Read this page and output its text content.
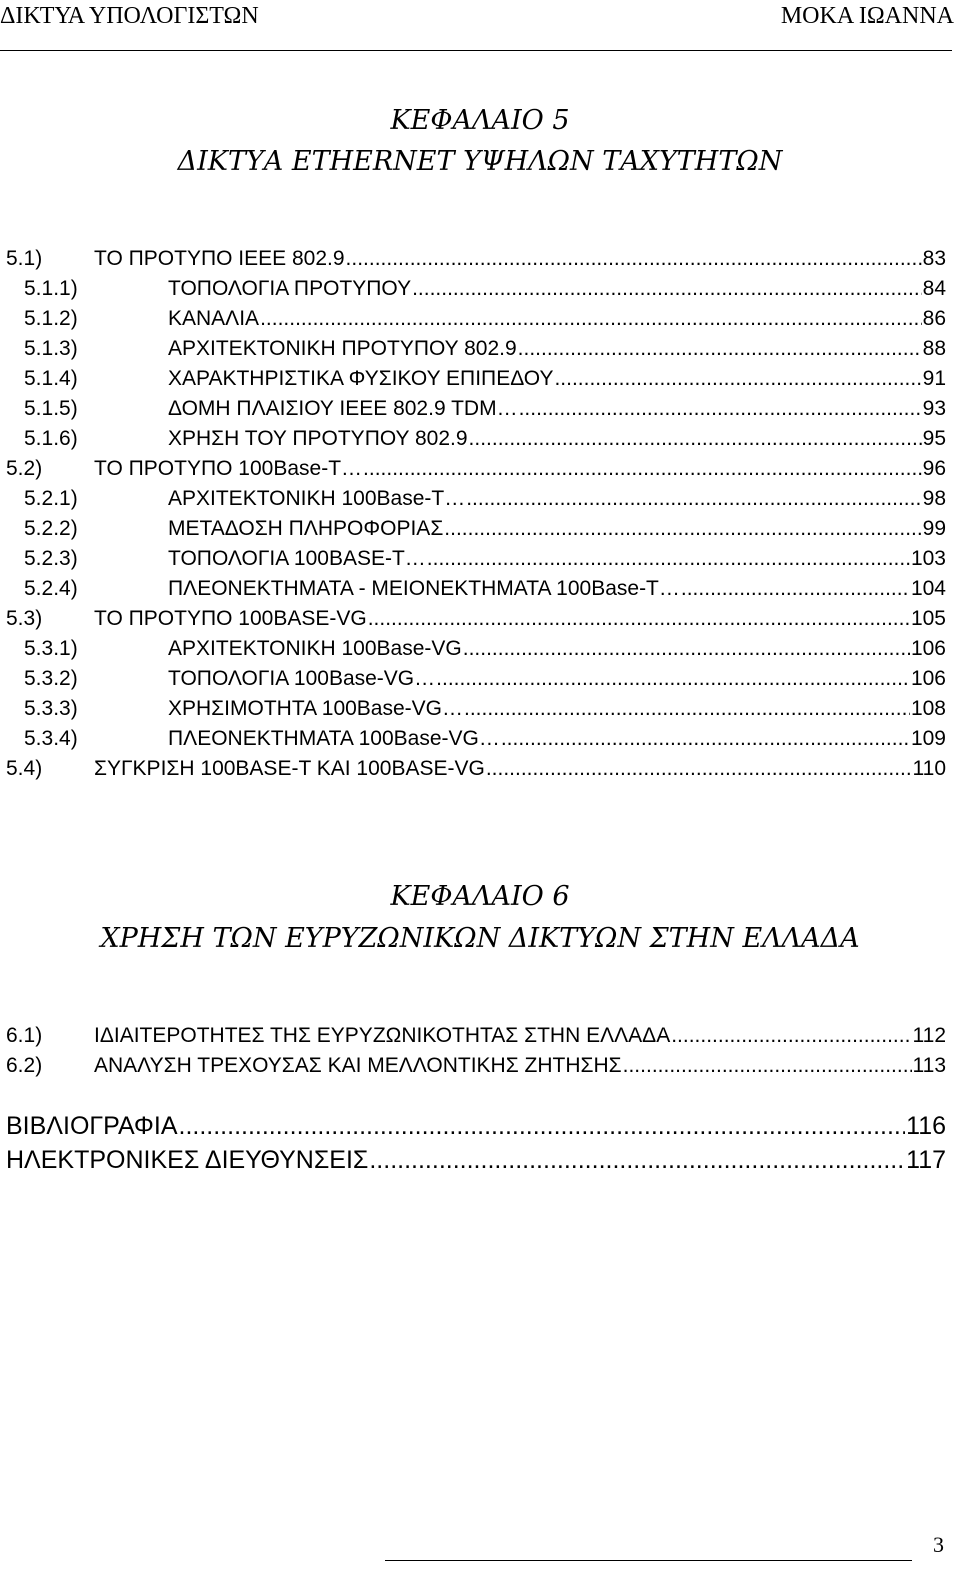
ΔΙΚΤΥΑ ΥΠΟΛΟΓΙΣΤΩΝ	ΜΟΚΑ ΙΩΑΝΝΑ
ΚΕΦΑΛΑΙΟ 5
ΔΙΚΤΥΑ ETHERNET ΥΨΗΛΩΝ ΤΑΧΥΤΗΤΩΝ
5.1)	ΤΟ ΠΡΟΤΥΠΟ IEEE 802.9 .....	83
5.1.1)	ΤΟΠΟΛΟΓΙΑ ΠΡΟΤΥΠΟΥ .....	84
5.1.2)	ΚΑΝΑΛΙΑ .....	86
5.1.3)	ΑΡΧΙΤΕΚΤΟΝΙΚΗ ΠΡΟΤΥΠΟΥ 802.9 .....	88
5.1.4)	ΧΑΡΑΚΤΗΡΙΣΤΙΚΑ ΦΥΣΙΚΟΥ ΕΠΙΠΕΔΟΥ .....	91
5.1.5)	ΔΟΜΗ ΠΛΑΙΣΙΟΥ IEEE 802.9 TDM… .....	93
5.1.6)	ΧΡΗΣΗ ΤΟΥ ΠΡΟΤΥΠΟΥ 802.9 .....	95
5.2)	ΤΟ ΠΡΟΤΥΠΟ 100Base-T… .....	96
5.2.1)	ΑΡΧΙΤΕΚΤΟΝΙΚΗ 100Base-T… .....	98
5.2.2)	ΜΕΤΑΔΟΣΗ ΠΛΗΡΟΦΟΡΙΑΣ .....	99
5.2.3)	ΤΟΠΟΛΟΓΙΑ 100BASE-T… .....	103
5.2.4)	ΠΛΕΟΝΕΚΤΗΜΑΤΑ - ΜΕΙΟΝΕΚΤΗΜΑΤΑ 100Base-T… .....	104
5.3)	ΤΟ ΠΡΟΤΥΠΟ 100BASE-VG .....	105
5.3.1)	ΑΡΧΙΤΕΚΤΟΝΙΚΗ 100Base-VG .....	106
5.3.2)	ΤΟΠΟΛΟΓΙΑ 100Base-VG… .....	106
5.3.3)	ΧΡΗΣΙΜΟΤΗΤΑ 100Base-VG… .....	108
5.3.4)	ΠΛΕΟΝΕΚΤΗΜΑΤΑ 100Base-VG… .....	109
5.4)	ΣΥΓΚΡΙΣΗ 100BASE-T ΚΑΙ 100BASE-VG .....	110
ΚΕΦΑΛΑΙΟ 6
ΧΡΗΣΗ ΤΩΝ ΕΥΡΥΖΩΝΙΚΩΝ ΔΙΚΤΥΩΝ ΣΤΗΝ ΕΛΛΑΔΑ
6.1)	ΙΔΙΑΙΤΕΡΟΤΗΤΕΣ ΤΗΣ ΕΥΡΥΖΩΝΙΚΟΤΗΤΑΣ ΣΤΗΝ ΕΛΛΑΔΑ .....	112
6.2)	ΑΝΑΛΥΣΗ ΤΡΕΧΟΥΣΑΣ ΚΑΙ ΜΕΛΛΟΝΤΙΚΗΣ ΖΗΤΗΣΗΣ .....	113
ΒΙΒΛΙΟΓΡΑΦΙΑ .....	116
ΗΛΕΚΤΡΟΝΙΚΕΣ ΔΙΕΥΘΥΝΣΕΙΣ .....	117
3
